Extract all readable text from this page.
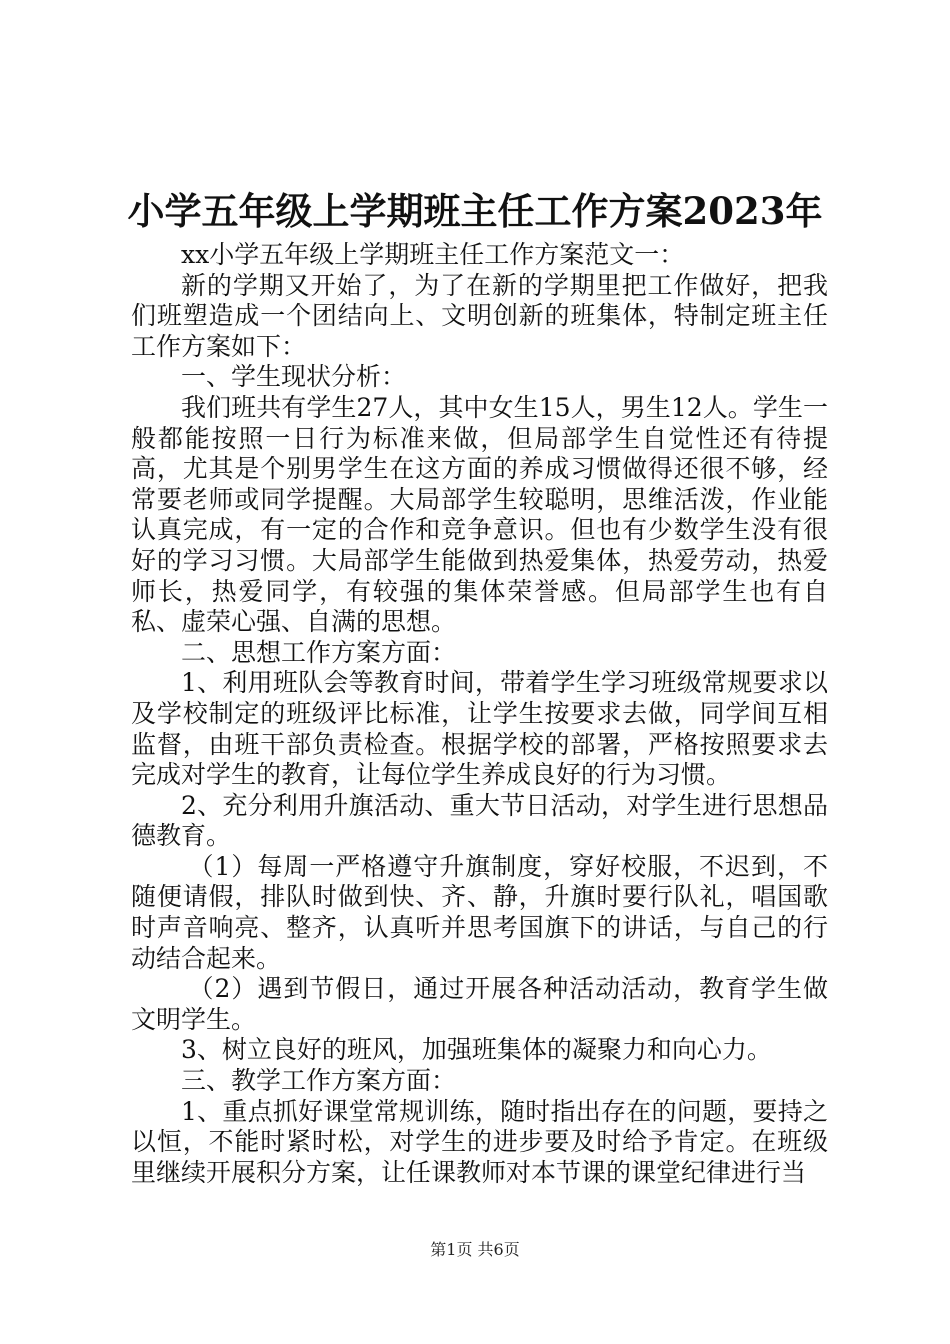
小学五年级上学期班主任工作方案2023年

xx小学五年级上学期班主任工作方案范文一：

新的学期又开始了，为了在新的学期里把工作做好，把我们班塑造成一个团结向上、文明创新的班集体，特制定班主任工作方案如下：

一、学生现状分析：

我们班共有学生27人，其中女生15人，男生12人。学生一般都能按照一日行为标准来做，但局部学生自觉性还有待提高，尤其是个别男学生在这方面的养成习惯做得还很不够，经常要老师或同学提醒。大局部学生较聪明，思维活泼，作业能认真完成，有一定的合作和竞争意识。但也有少数学生没有很好的学习习惯。大局部学生能做到热爱集体，热爱劳动，热爱师长，热爱同学，有较强的集体荣誉感。但局部学生也有自私、虚荣心强、自满的思想。

二、思想工作方案方面：

1、利用班队会等教育时间，带着学生学习班级常规要求以及学校制定的班级评比标准，让学生按要求去做，同学间互相监督，由班干部负责检查。根据学校的部署，严格按照要求去完成对学生的教育，让每位学生养成良好的行为习惯。

2、充分利用升旗活动、重大节日活动，对学生进行思想品德教育。

（1）每周一严格遵守升旗制度，穿好校服，不迟到，不随便请假，排队时做到快、齐、静，升旗时要行队礼，唱国歌时声音响亮、整齐，认真听并思考国旗下的讲话，与自己的行动结合起来。

（2）遇到节假日，通过开展各种活动活动，教育学生做文明学生。

3、树立良好的班风，加强班集体的凝聚力和向心力。

三、教学工作方案方面：

1、重点抓好课堂常规训练，随时指出存在的问题，要持之以恒，不能时紧时松，对学生的进步要及时给予肯定。在班级里继续开展积分方案，让任课教师对本节课的课堂纪律进行当

第1页 共6页
